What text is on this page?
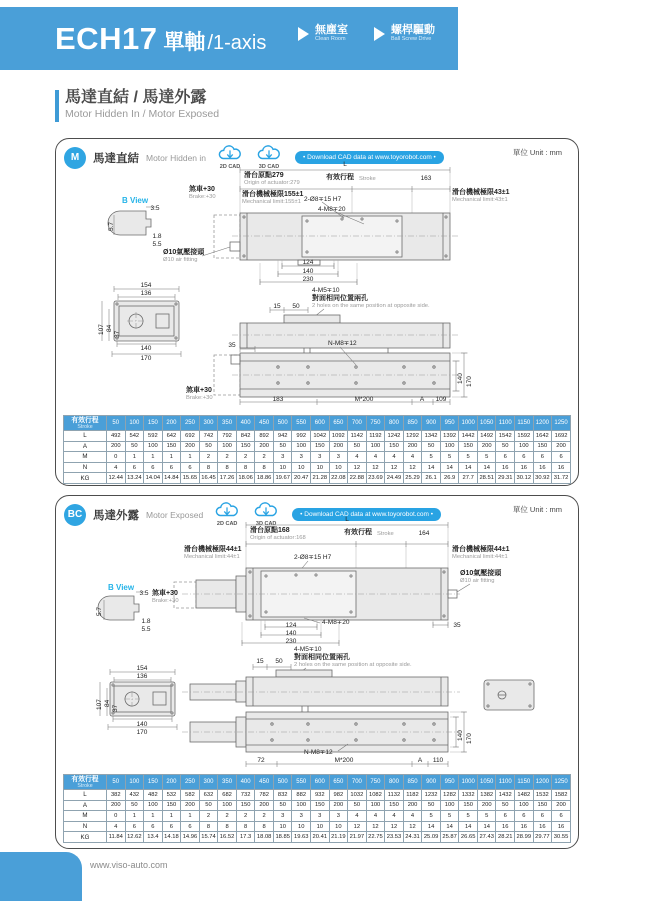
ECH17 單軸 /1-axis
無塵室
Clean Room
螺桿驅動
Ball Screw Drive
馬達直結 / 馬達外露
Motor Hidden In / Motor Exposed
M	馬達直結 Motor Hidden in
2D CAD	3D CAD
• Download CAD data at www.toyorobot.com •
單位 Unit : mm
L
滑台原點279
Origin of actuator:279
有效行程 Stroke	163
滑台機械極限155±1
Mechanical limit:155±1 2-Ø8∓15 H7
4-M8∓20
滑台機械極限43±1
Mechanical limit:43±1
煞車+30
Brake:+30
B View
3.5
5.7
1.8
5.5
Ø10氣壓接頭
Ø10 air fitting	124
140
230
4-M5∓10
對面相同位置兩孔
2 holes on the same position at opposite side.
15 50
154
136
107 84
37
140
170
35	N-M8∓12
140 170
煞車+30
Brake:+30	183	M*200	A 109
有效行程
Stroke	50	100	150	200	250	300	350	400	450	500	550	600	650	700	750	800	850	900	950	1000	1050	1100	1150	1200	1250
L	492	542	592	642	692	742	792	842	892	942	992	1042	1092	1142	1192	1242	1292	1342	1392	1442	1492	1542	1592	1642	1692
A	200	50	100	150	200	50	100	150	200	50	100	150	200	50	100	150	200	50	100	150	200	50	100	150	200
M	0	1	1	1	1	2	2	2	2	3	3	3	3	4	4	4	4	5	5	5	5	6	6	6	6
N	4	6	6	6	6	8	8	8	8	10	10	10	10	12	12	12	12	14	14	14	14	16	16	16	16
KG	12.44	13.24	14.04	14.84	15.65	16.45	17.26	18.06	18.86	19.67	20.47	21.28	22.08	22.88	23.69	24.49	25.29	26.1	26.9	27.7	28.51	29.31	30.12	30.92	31.72
BC 馬達外露 Motor Exposed
2D CAD	3D CAD
• Download CAD data at www.toyorobot.com •
單位 Unit : mm
L
滑台原點168
Origin of actuator:168
有效行程 Stroke	164
滑台機械極限44±1
Mechanical limit:44±1	2-Ø8∓15 H7
滑台機械極限44±1
Mechanical limit:44±1
Ø10氣壓接頭
Ø10 air fitting
煞車+30
Brake:+30
B View
3.5
5.7
1.8
5.5
4-M8∓20	35
124
140
230
4-M5∓10
對面相同位置兩孔
2 holes on the same position at opposite side.
15 50
154
136
107 84
37
140
170
N-M8∓12
140 170
72	M*200	A 110
有效行程
Stroke	50	100	150	200	250	300	350	400	450	500	550	600	650	700	750	800	850	900	950	1000	1050	1100	1150	1200	1250
L	382	432	482	532	582	632	682	732	782	832	882	932	982	1032	1082	1132	1182	1232	1282	1332	1382	1432	1482	1532	1582
A	200	50	100	150	200	50	100	150	200	50	100	150	200	50	100	150	200	50	100	150	200	50	100	150	200
M	0	1	1	1	1	2	2	2	2	3	3	3	3	4	4	4	4	5	5	5	5	6	6	6	6
N	4	6	6	6	6	8	8	8	8	10	10	10	10	12	12	12	12	14	14	14	14	16	16	16	16
KG	11.84	12.62	13.4	14.18	14.96	15.74	16.52	17.3	18.08	18.85	19.63	20.41	21.19	21.97	22.75	23.53	24.31	25.09	25.87	26.65	27.43	28.21	28.99	29.77	30.55
www.viso-auto.com
